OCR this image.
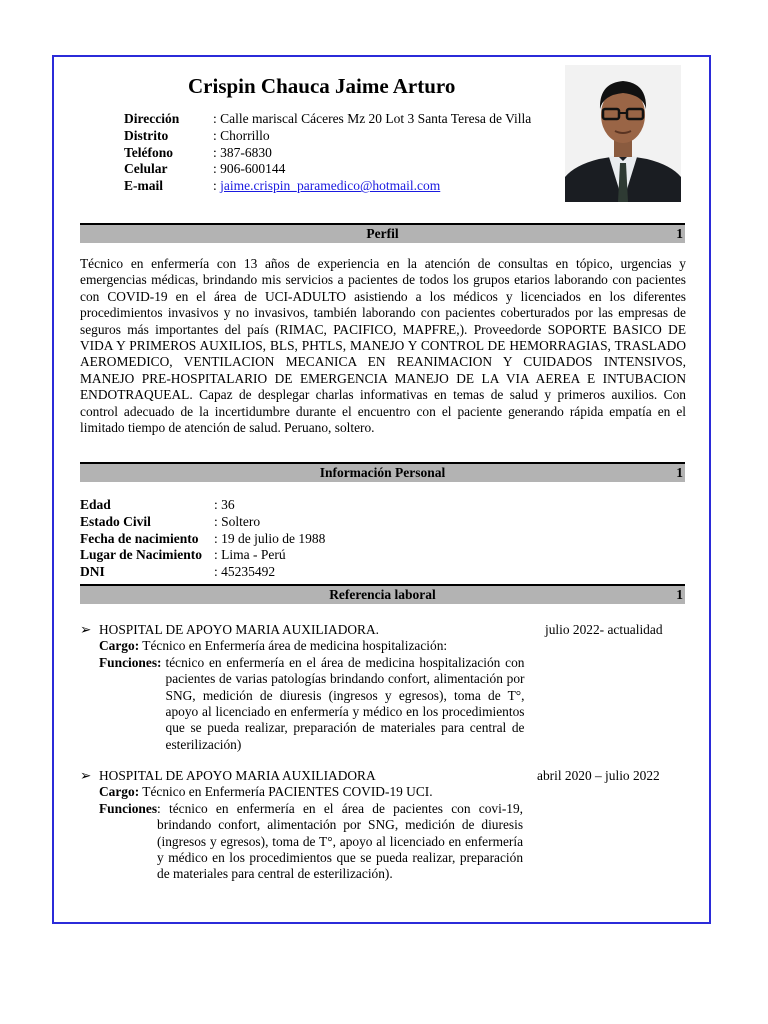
Crispin Chauca Jaime Arturo
Dirección	: Calle mariscal Cáceres Mz 20 Lot 3 Santa Teresa de Villa
Distrito	: Chorrillo
Teléfono	: 387-6830
Celular	: 906-600144
E-mail	: jaime.crispin_paramedico@hotmail.com
Perfil	1
Técnico en enfermería con 13 años de experiencia en la atención de consultas en tópico, urgencias y emergencias médicas, brindando mis servicios a pacientes de todos los grupos etarios laborando con pacientes con COVID-19 en el área de UCI-ADULTO asistiendo a los médicos y licenciados en los diferentes procedimientos invasivos y no invasivos, también laborando con pacientes coberturados por las empresas de seguros más importantes del país (RIMAC, PACIFICO, MAPFRE,). Proveedorde SOPORTE BASICO DE VIDA Y PRIMEROS AUXILIOS, BLS, PHTLS, MANEJO Y CONTROL DE HEMORRAGIAS, TRASLADO AEROMEDICO, VENTILACION MECANICA EN REANIMACION Y CUIDADOS INTENSIVOS, MANEJO PRE-HOSPITALARIO DE EMERGENCIA MANEJO DE LA VIA AEREA E INTUBACION ENDOTRAQUEAL. Capaz de desplegar charlas informativas en temas de salud y primeros auxilios. Con control adecuado de la incertidumbre durante el encuentro con el paciente generando rápida empatía en el limitado tiempo de atención de salud. Peruano, soltero.
Información Personal	1
Edad	: 36
Estado Civil	: Soltero
Fecha de nacimiento	: 19 de julio de 1988
Lugar de Nacimiento : Lima - Perú
DNI	: 45235492
Referencia laboral	1
➢ HOSPITAL DE APOYO MARIA AUXILIADORA.	julio 2022- actualidad
Cargo: Técnico en Enfermería área de medicina hospitalización:
Funciones: técnico en enfermería en el área de medicina hospitalización con pacientes de varias patologías brindando confort, alimentación por SNG, medición de diuresis (ingresos y egresos), toma de T°, apoyo al licenciado en enfermería y médico en los procedimientos que se pueda realizar, preparación de materiales para central de esterilización)
➢ HOSPITAL DE APOYO MARIA AUXILIADORA	abril 2020 – julio 2022
Cargo: Técnico en Enfermería PACIENTES COVID-19 UCI.
Funciones : técnico en enfermería en el área de pacientes con covi-19, brindando confort, alimentación por SNG, medición de diuresis (ingresos y egresos), toma de T°, apoyo al licenciado en enfermería y médico en los procedimientos que se pueda realizar, preparación de materiales para central de esterilización).
